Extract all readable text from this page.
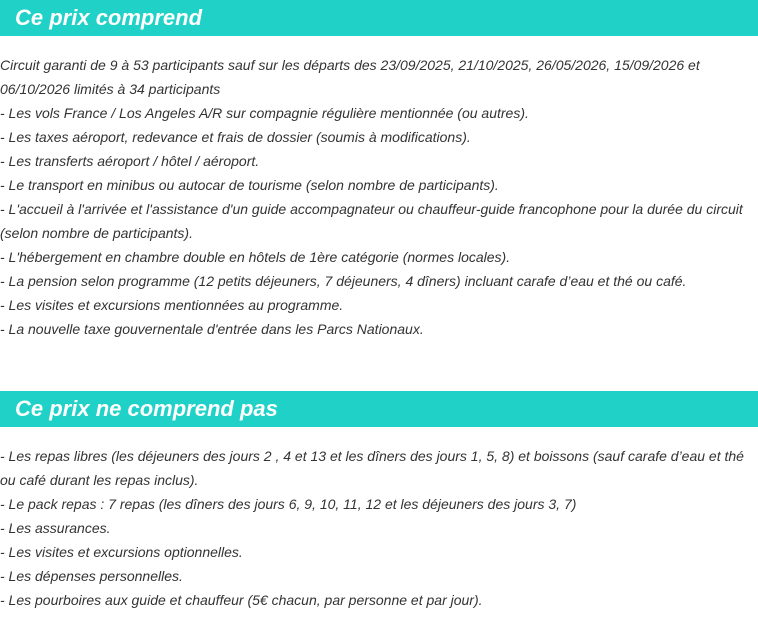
Ce prix comprend

Circuit garanti de 9 à 53 participants sauf sur les départs des 23/09/2025, 21/10/2025, 26/05/2026, 15/09/2026 et 06/10/2026 limités à 34 participants

- Les vols France / Los Angeles A/R sur compagnie régulière mentionnée (ou autres).

- Les taxes aéroport, redevance et frais de dossier (soumis à modifications).

- Les transferts aéroport / hôtel / aéroport.

- Le transport en minibus ou autocar de tourisme (selon nombre de participants).

- L'accueil à l'arrivée et l'assistance d'un guide accompagnateur ou chauffeur-guide francophone pour la durée du circuit (selon nombre de participants).

- L'hébergement en chambre double en hôtels de 1ère catégorie (normes locales).

- La pension selon programme (12 petits déjeuners, 7 déjeuners, 4 dîners) incluant carafe d’eau et thé ou café.

- Les visites et excursions mentionnées au programme.

- La nouvelle taxe gouvernentale d'entrée dans les Parcs Nationaux.

Ce prix ne comprend pas

- Les repas libres (les déjeuners des jours 2 , 4 et 13 et les dîners des jours 1, 5, 8) et boissons (sauf carafe d’eau et thé ou café durant les repas inclus).

- Le pack repas : 7 repas (les dîners des jours 6, 9, 10, 11, 12 et les déjeuners des jours 3, 7)

- Les assurances.

- Les visites et excursions optionnelles.

- Les dépenses personnelles.

- Les pourboires aux guide et chauffeur (5€ chacun, par personne et par jour).
